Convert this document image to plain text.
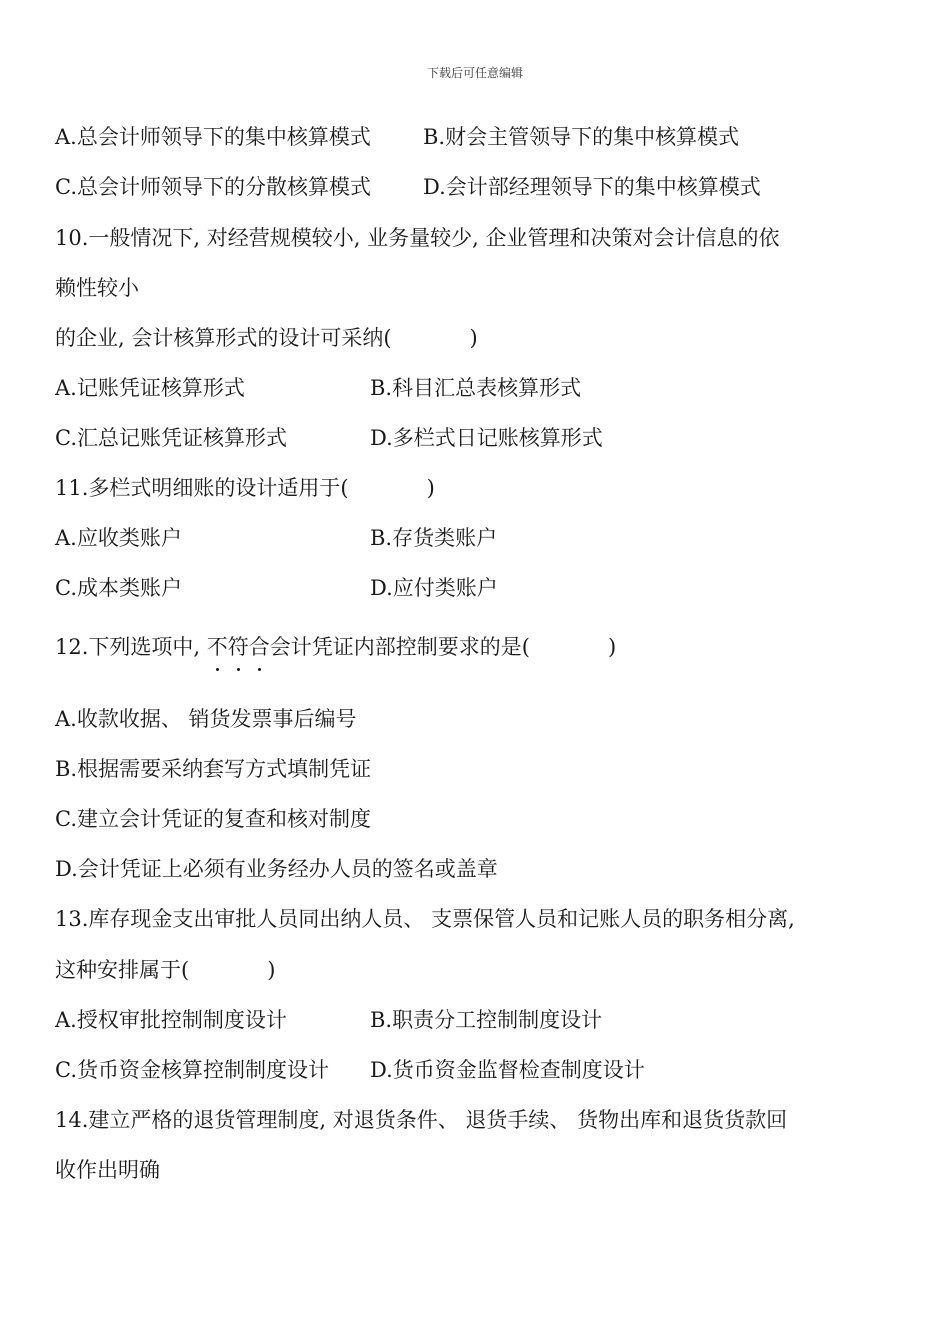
下载后可任意编辑
A.总会计师领导下的集中核算模式 B.财会主管领导下的集中核算模式
C.总会计师领导下的分散核算模式 D.会计部经理领导下的集中核算模式
10.一般情况下, 对经营规模较小, 业务量较少, 企业管理和决策对会计信息的依
赖性较小
的企业, 会计核算形式的设计可采纳(	)
A.记账凭证核算形式	B.科目汇总表核算形式
C.汇总记账凭证核算形式	D.多栏式日记账核算形式
11.多栏式明细账的设计适用于(	)
A.应收类账户	B.存货类账户
C.成本类账户	D.应付类账户
12.下列选项中, 不
符
合
会计凭证内部控制要求的是(	)
A.收款收据、 销货发票事后编号
B.根据需要采纳套写方式填制凭证
C.建立会计凭证的复查和核对制度
D.会计凭证上必须有业务经办人员的签名或盖章
13.库存现金支出审批人员同出纳人员、 支票保管人员和记账人员的职务相分离,
这种安排属于(	)
A.授权审批控制制度设计	B.职责分工控制制度设计
C.货币资金核算控制制度设计 D.货币资金监督检查制度设计
14.建立严格的退货管理制度, 对退货条件、 退货手续、 货物出库和退货货款回
收作出明确
